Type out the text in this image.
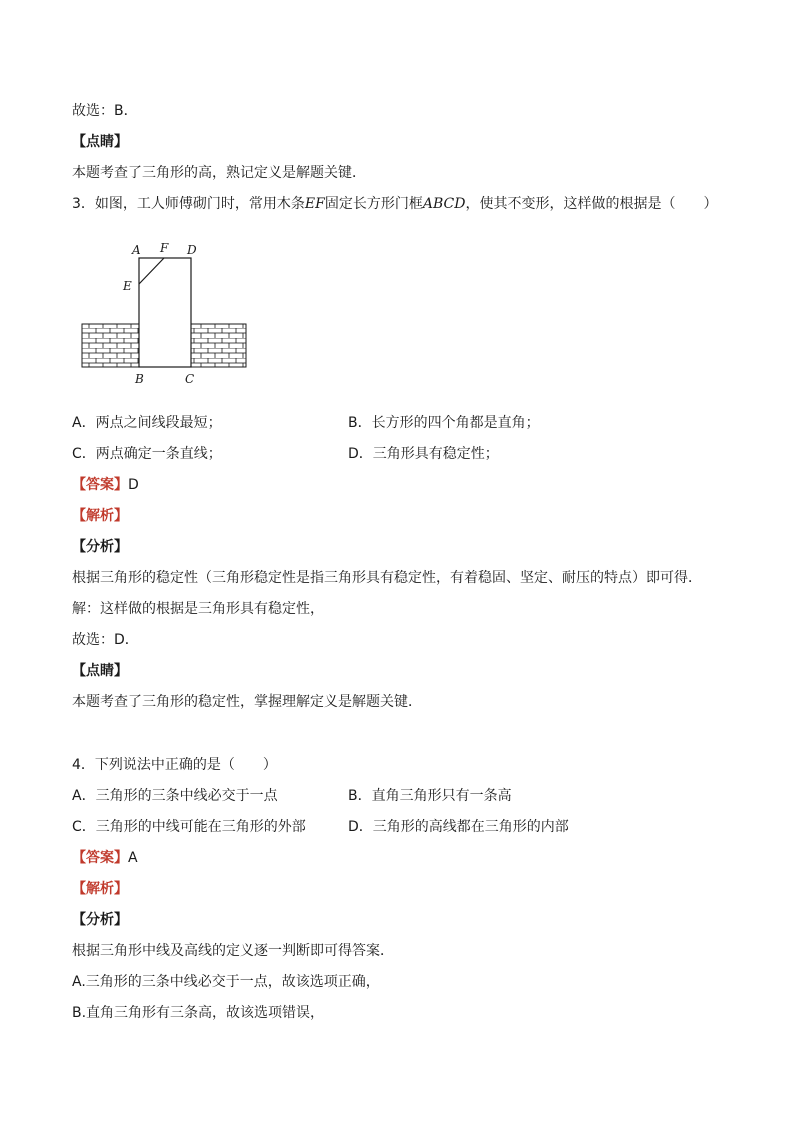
故选：B．
【点睛】
本题考查了三角形的高，熟记定义是解题关键．
3．如图，工人师傅砌门时，常用木条EF固定长方形门框ABCD，使其不变形，这样做的根据是（　　）
A F D
E
B	C
A．两点之间线段最短；	B．长方形的四个角都是直角；
C．两点确定一条直线；	D．三角形具有稳定性；
【答案】D
【解析】
【分析】
根据三角形的稳定性（三角形稳定性是指三角形具有稳定性，有着稳固、坚定、耐压的特点）即可得．
解：这样做的根据是三角形具有稳定性，
故选：D．
【点睛】
本题考查了三角形的稳定性，掌握理解定义是解题关键．
4．下列说法中正确的是（　　）
A．三角形的三条中线必交于一点	B．直角三角形只有一条高
C．三角形的中线可能在三角形的外部	D．三角形的高线都在三角形的内部
【答案】A
【解析】
【分析】
根据三角形中线及高线的定义逐一判断即可得答案．
A.三角形的三条中线必交于一点，故该选项正确，
B.直角三角形有三条高，故该选项错误，
